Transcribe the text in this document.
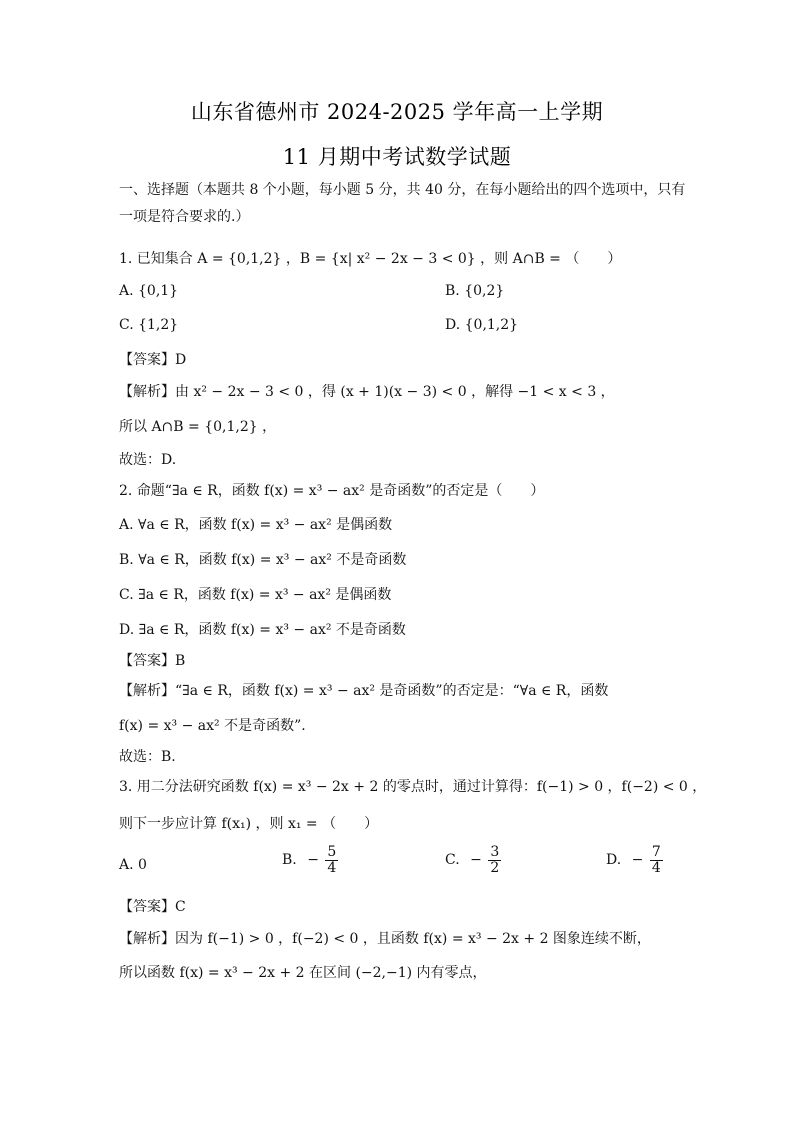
山东省德州市 2024-2025 学年高一上学期
11 月期中考试数学试题
一、选择题（本题共 8 个小题，每小题 5 分，共 40 分，在每小题给出的四个选项中，只有
一项是符合要求的.）
1. 已知集合 A = {0,1,2} ，B = {x| x² − 2x − 3 < 0} ，则 A∩B = （　　）
A. {0,1}	B. {0,2}
C. {1,2}	D. {0,1,2}
【答案】D
【解析】由 x² − 2x − 3 < 0 ，得 (x + 1)(x − 3) < 0 ，解得 −1 < x < 3 ，
所以 A∩B = {0,1,2} ，
故选：D.
2. 命题“∃a ∈ R，函数 f(x) = x³ − ax² 是奇函数”的否定是（　　）
A. ∀a ∈ R，函数 f(x) = x³ − ax² 是偶函数
B. ∀a ∈ R，函数 f(x) = x³ − ax² 不是奇函数
C. ∃a ∈ R，函数 f(x) = x³ − ax² 是偶函数
D. ∃a ∈ R，函数 f(x) = x³ − ax² 不是奇函数
【答案】B
【解析】“∃a ∈ R，函数 f(x) = x³ − ax² 是奇函数”的否定是：“∀a ∈ R，函数
f(x) = x³ − ax² 不是奇函数”.
故选：B.
3. 用二分法研究函数 f(x) = x³ − 2x + 2 的零点时，通过计算得：f(−1) > 0 ，f(−2) < 0 ，
则下一步应计算 f(x₁) ，则 x₁ = （　　）
A. 0	B. − $\frac{5}{4}$	C. − $\frac{3}{2}$	D. − $\frac{7}{4}$
【答案】C
【解析】因为 f(−1) > 0 ，f(−2) < 0 ，且函数 f(x) = x³ − 2x + 2 图象连续不断，
所以函数 f(x) = x³ − 2x + 2 在区间 (−2,−1) 内有零点，
